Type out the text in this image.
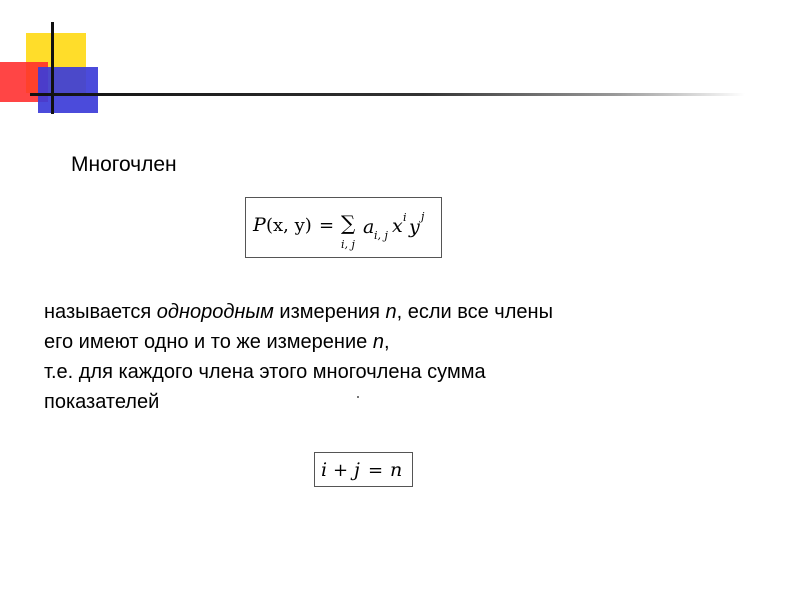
Многочлен
P (x, y) = ∑
i, j
a i, j x i y j
называется однородным измерения n, если все члены
его имеют одно и то же измерение n,
т.е. для каждого члена этого многочлена сумма
показателей
i + j = n
